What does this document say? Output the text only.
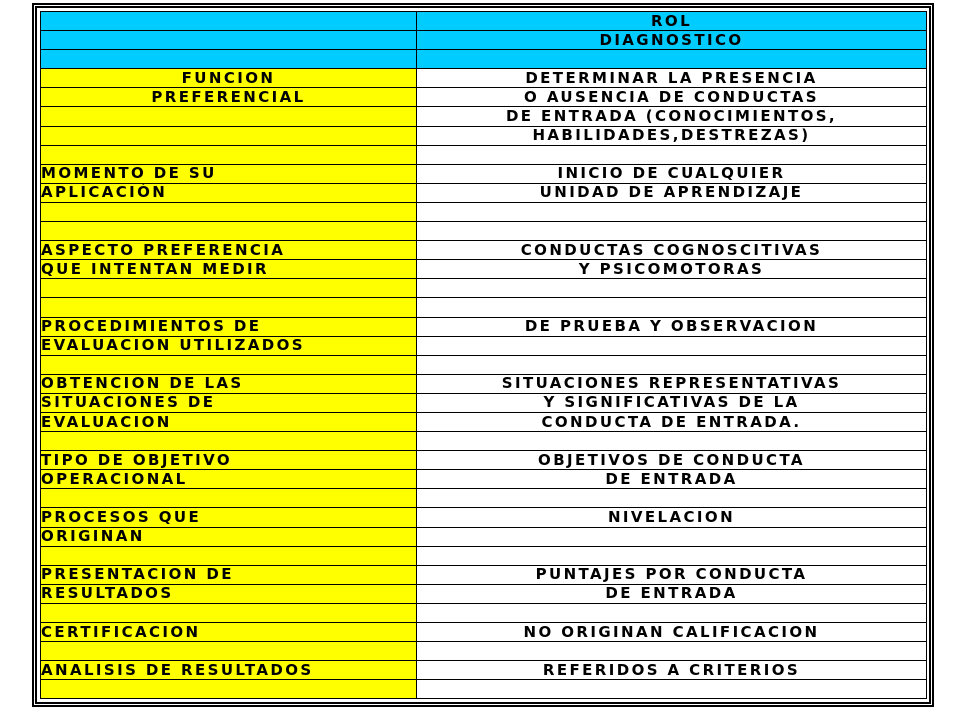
	ROL
	DIAGNOSTICO

FUNCION	DETERMINAR LA PRESENCIA
PREFERENCIAL	O AUSENCIA DE CONDUCTAS
	DE ENTRADA (CONOCIMIENTOS,
	HABILIDADES,DESTREZAS)

MOMENTO DE SU	INICIO DE CUALQUIER
APLICACIÓN	UNIDAD DE APRENDIZAJE

ASPECTO PREFERENCIA	CONDUCTAS COGNOSCITIVAS
QUE INTENTAN MEDIR	Y PSICOMOTORAS

PROCEDIMIENTOS DE	DE PRUEBA Y OBSERVACION
EVALUACION UTILIZADOS	

OBTENCION DE LAS	SITUACIONES REPRESENTATIVAS
SITUACIONES DE	Y SIGNIFICATIVAS DE LA
EVALUACION	CONDUCTA DE ENTRADA.

TIPO DE OBJETIVO	OBJETIVOS DE CONDUCTA
OPERACIONAL	DE ENTRADA

PROCESOS QUE	NIVELACION
ORIGINAN	

PRESENTACION DE	PUNTAJES POR CONDUCTA
RESULTADOS	DE ENTRADA

CERTIFICACION	NO ORIGINAN CALIFICACION

ANALISIS DE RESULTADOS	REFERIDOS A CRITERIOS
